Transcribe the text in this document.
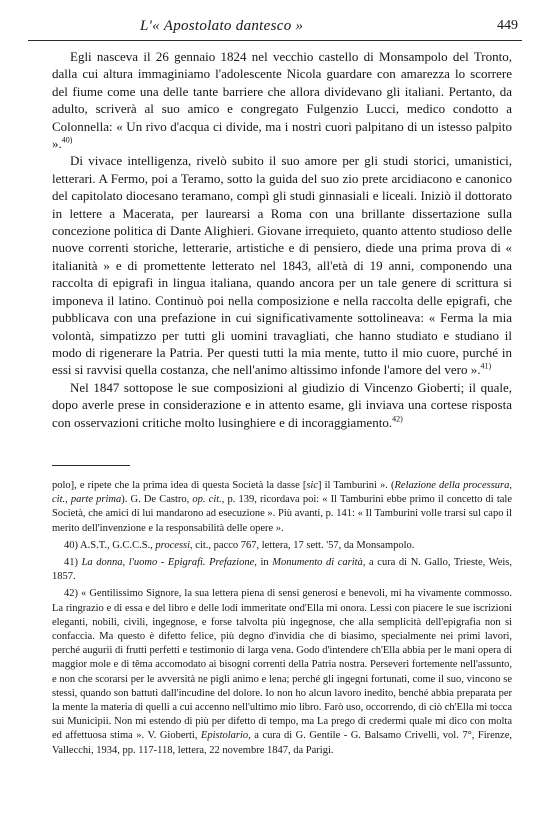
L'« Apostolato dantesco »	449

Egli nasceva il 26 gennaio 1824 nel vecchio castello di Monsampolo del Tronto, dalla cui altura immaginiamo l'adolescente Nicola guardare con amarezza lo scorrere del fiume come una delle tante barriere che allora dividevano gli italiani. Pertanto, da adulto, scriverà al suo amico e congregato Fulgenzio Lucci, medico condotto a Colonnella: « Un rivo d'acqua ci divide, ma i nostri cuori palpitano di un istesso palpito ».$^{40)}$

Di vivace intelligenza, rivelò subito il suo amore per gli studi storici, umanistici, letterari. A Fermo, poi a Teramo, sotto la guida del suo zio prete arcidiacono e canonico del capitolato diocesano teramano, compì gli studi ginnasiali e liceali. Iniziò il dottorato in lettere a Macerata, per laurearsi a Roma con una brillante dissertazione sulla concezione politica di Dante Alighieri. Giovane irrequieto, quanto attento studioso delle nuove correnti storiche, letterarie, artistiche e di pensiero, diede una prima prova di « italianità » e di promettente letterato nel 1843, all'età di 19 anni, componendo una raccolta di epigrafi in lingua italiana, quando ancora per un tale genere di scrittura si imponeva il latino. Continuò poi nella composizione e nella raccolta delle epigrafi, che pubblicava con una prefazione in cui significativamente sottolineava: « Ferma la mia volontà, simpatizzo per tutti gli uomini travagliati, che hanno studiato e studiano il modo di rigenerare la Patria. Per questi tutti la mia mente, tutto il mio cuore, purché in essi si ravvisi quella costanza, che nell'animo altissimo infonde l'amore del vero ».$^{41)}$

Nel 1847 sottopose le sue composizioni al giudizio di Vincenzo Gioberti; il quale, dopo averle prese in considerazione e in attento esame, gli inviava una cortese risposta con osservazioni critiche molto lusinghiere e di incoraggiamento.$^{42)}$

polo], e ripete che la prima idea di questa Società la dasse [sic] il Tamburini ». (Relazione della processura, cit., parte prima). G. De Castro, op. cit., p. 139, ricordava poi: « Il Tamburini ebbe primo il concetto di tale Società, che amici di lui mandarono ad esecuzione ». Più avanti, p. 141: « Il Tamburini volle trarsi sul capo il merito dell'invenzione e la responsabilità delle opere ».

40) A.S.T., G.C.C.S., processi, cit., pacco 767, lettera, 17 sett. '57, da Monsampolo.

41) La donna, l'uomo - Epigrafi. Prefazione, in Monumento di carità, a cura di N. Gallo, Trieste, Weis, 1857.

42) « Gentilissimo Signore, la sua lettera piena di sensi generosi e benevoli, mi ha vivamente commosso. La ringrazio e di essa e del libro e delle lodi immeritate ond'Ella mi onora. Lessi con piacere le sue iscrizioni eleganti, nobili, civili, ingegnose, e forse talvolta più ingegnose, che alla semplicità dell'epigrafia non si confaccia. Ma questo è difetto felice, più degno d'invidia che di biasimo, specialmente nei primi lavori, perché augurii di frutti perfetti e testimonio di larga vena. Godo d'intendere ch'Ella abbia per le mani opera di maggior mole e di têma accomodato ai bisogni correnti della Patria nostra. Perseveri fortemente nell'assunto, e non che scorarsi per le avversità ne pigli animo e lena; perché gli ingegni fortunati, come il suo, vincono se stessi, quando son battuti dall'incudine del dolore. Io non ho alcun lavoro inedito, benché abbia preparata per la mente la materia di quelli a cui accenno nell'ultimo mio libro. Farò uso, occorrendo, di ciò ch'Ella mi tocca sui Municipii. Non mi estendo di più per difetto di tempo, ma La prego di credermi quale mi dico con molta ed affettuosa stima ». V. Gioberti, Epistolario, a cura di G. Gentile - G. Balsamo Crivelli, vol. 7°, Firenze, Vallecchi, 1934, pp. 117-118, lettera, 22 novembre 1847, da Parigi.
